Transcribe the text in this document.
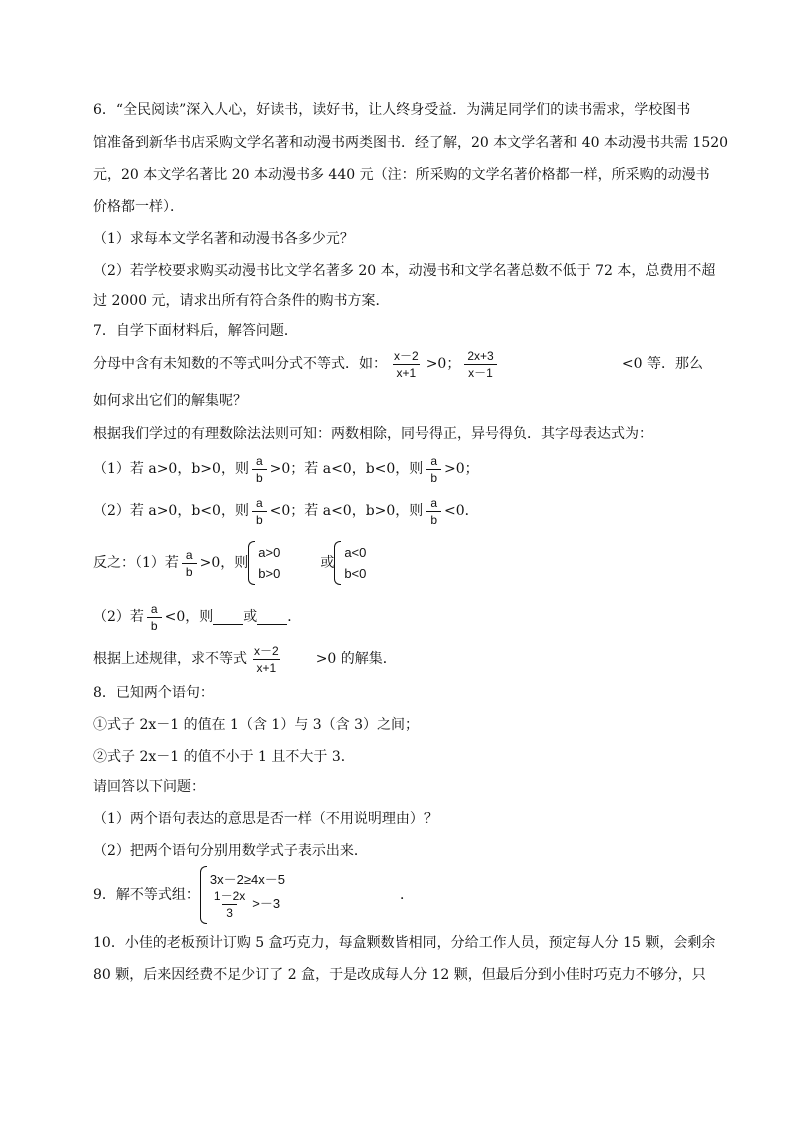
6．“全民阅读”深入人心，好读书，读好书，让人终身受益．为满足同学们的读书需求，学校图书
馆准备到新华书店采购文学名著和动漫书两类图书．经了解，20 本文学名著和 40 本动漫书共需 1520
元，20 本文学名著比 20 本动漫书多 440 元（注：所采购的文学名著价格都一样，所采购的动漫书
价格都一样）．
（1）求每本文学名著和动漫书各多少元？
（2）若学校要求购买动漫书比文学名著多 20 本，动漫书和文学名著总数不低于 72 本，总费用不超
过 2000 元，请求出所有符合条件的购书方案．
7．自学下面材料后，解答问题．
分母中含有未知数的不等式叫分式不等式．如： $\frac{x-2}{x+1} >0$； $\frac{2x+3}{x-1}$	<0 等．那么
如何求出它们的解集呢？
根据我们学过的有理数除法法则可知：两数相除，同号得正，异号得负．其字母表达式为：
（1）若 a>0，b>0，则 $\frac{a}{b} >0$；若 a<0，b<0，则 $\frac{a}{b} >0$；
（2）若 a>0，b<0，则 $\frac{a}{b} <0$；若 a<0，b>0，则 $\frac{a}{b} <0$．
反之：（1）若 $\frac{a}{b} >0$，则
a>0
b>0
或
a<0
b<0
（2）若 $\frac{a}{b} <0$，则 或 ．
根据上述规律，求不等式 $\frac{x-2}{x+1} >0$ 的解集．
8．已知两个语句：
①式子 2x－1 的值在 1（含 1）与 3（含 3）之间；
②式子 2x－1 的值不小于 1 且不大于 3．
请回答以下问题：
（1）两个语句表达的意思是否一样（不用说明理由）？
（2）把两个语句分别用数学式子表示出来．
9．解不等式组：
3x－2≥4x－5
$\frac{1-2x}{3} >-3$
．
10．小佳的老板预计订购 5 盒巧克力，每盒颗数皆相同，分给工作人员，预定每人分 15 颗，会剩余
80 颗，后来因经费不足少订了 2 盒，于是改成每人分 12 颗，但最后分到小佳时巧克力不够分，只
